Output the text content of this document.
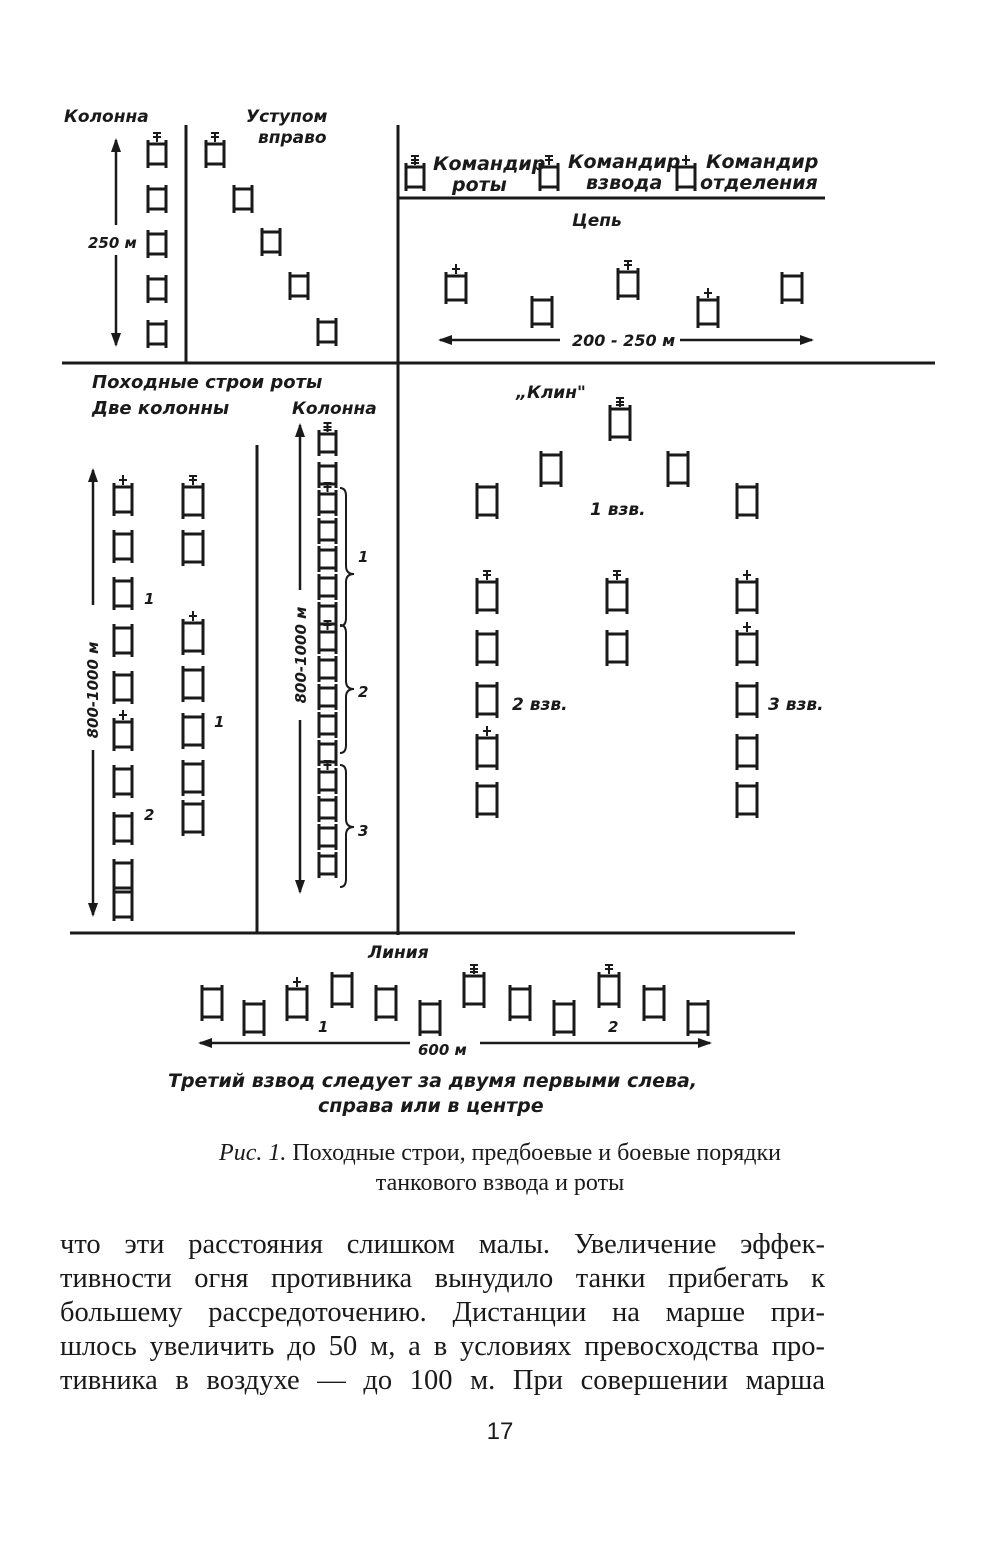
Колонна	Уступом
вправо
250 м
Командир
роты
Командир
взвода
Командир
отделения
Цепь
200 - 250 м
Походные строи роты
Две колонны	Колонна
„Клин"
800-1000 м	800-1000 м
1
2
1
1
2
3
1 взв.
2 взв.	3 взв.
Линия
1	2
600 м
Третий взвод следует за двумя первыми слева,
справа или в центре
Рис. 1. Походные строи, предбоевые и боевые порядки
танкового взвода и роты
что эти расстояния слишком малы. Увеличение эффек-
тивности огня противника вынудило танки прибегать к
большему рассредоточению. Дистанции на марше при-
шлось увеличить до 50 м, а в условиях превосходства про-
тивника в воздухе — до 100 м. При совершении марша
17
